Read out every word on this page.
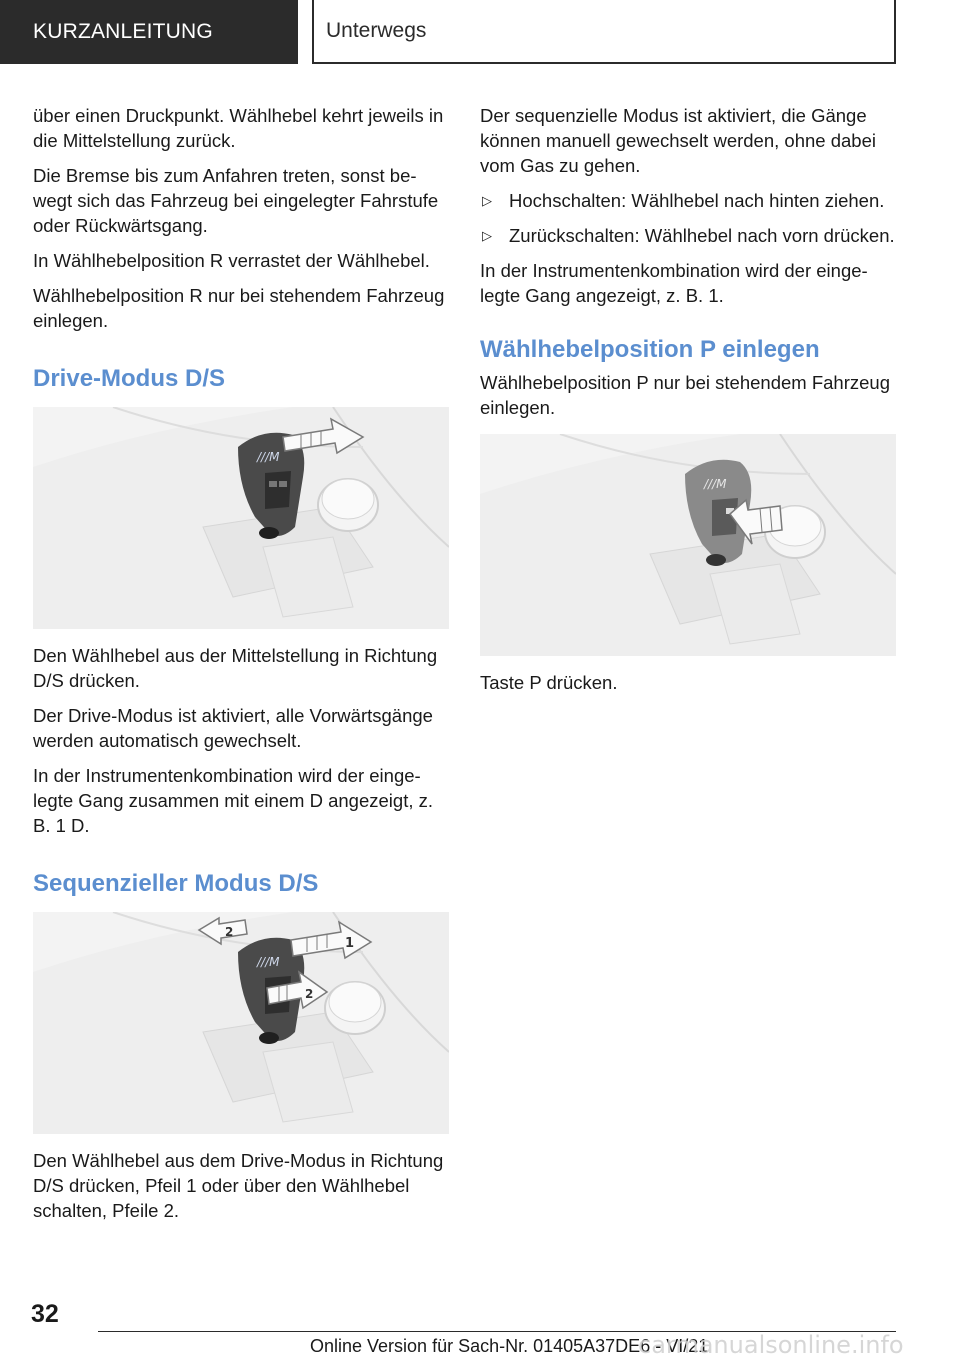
KURZANLEITUNG	Unterwegs

über einen Druckpunkt. Wählhebel kehrt jeweils in die Mittelstellung zurück.

Die Bremse bis zum Anfahren treten, sonst bewegt sich das Fahrzeug bei eingelegter Fahrstufe oder Rückwärtsgang.

In Wählhebelposition R verrastet der Wählhebel.

Wählhebelposition R nur bei stehendem Fahrzeug einlegen.

Drive-Modus D/S
///M

Den Wählhebel aus der Mittelstellung in Richtung D/S drücken.

Der Drive-Modus ist aktiviert, alle Vorwärtsgänge werden automatisch gewechselt.

In der Instrumentenkombination wird der eingelegte Gang zusammen mit einem D angezeigt, z. B. 1 D.

Sequenzieller Modus D/S
///M
1
2
2

Den Wählhebel aus dem Drive-Modus in Richtung D/S drücken, Pfeil 1 oder über den Wählhebel schalten, Pfeile 2.

Der sequenzielle Modus ist aktiviert, die Gänge können manuell gewechselt werden, ohne dabei vom Gas zu gehen.

▷ Hochschalten: Wählhebel nach hinten ziehen.
▷ Zurückschalten: Wählhebel nach vorn drücken.

In der Instrumentenkombination wird der eingelegte Gang angezeigt, z. B. 1.

Wählhebelposition P einlegen

Wählhebelposition P nur bei stehendem Fahrzeug einlegen.

///M

Taste P drücken.

32
Online Version für Sach-Nr. 01405A37DE6 - VI/21
carmanualsonline.info
